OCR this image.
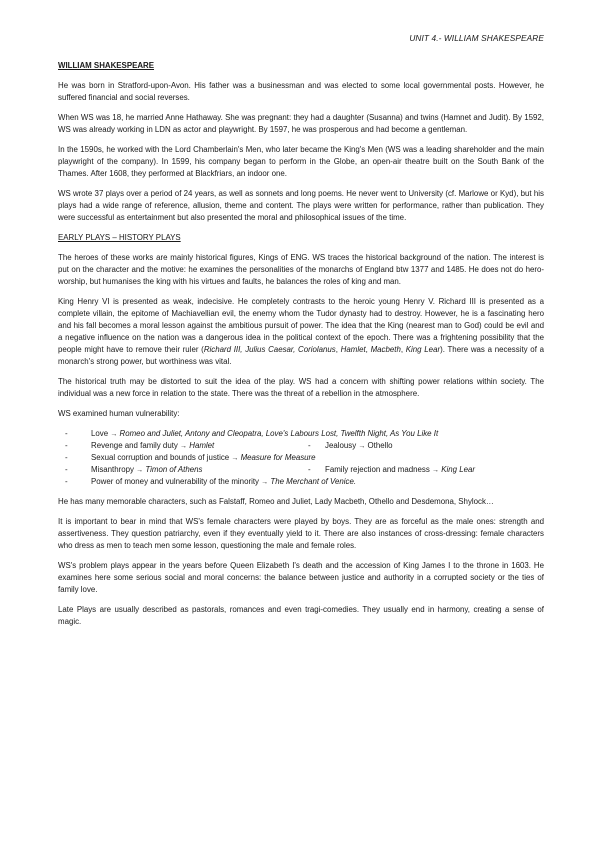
UNIT 4.- WILLIAM SHAKESPEARE
WILLIAM SHAKESPEARE

He was born in Stratford-upon-Avon. His father was a businessman and was elected to some local governmental posts. However, he suffered financial and social reverses.

When WS was 18, he married Anne Hathaway. She was pregnant: they had a daughter (Susanna) and twins (Hamnet and Judit). By 1592, WS was already working in LDN as actor and playwright. By 1597, he was prosperous and had become a gentleman.

In the 1590s, he worked with the Lord Chamberlain's Men, who later became the King's Men (WS was a leading shareholder and the main playwright of the company). In 1599, his company began to perform in the Globe, an open-air theatre built on the South Bank of the Thames. After 1608, they performed at Blackfriars, an indoor one.

WS wrote 37 plays over a period of 24 years, as well as sonnets and long poems. He never went to University (cf. Marlowe or Kyd), but his plays had a wide range of reference, allusion, theme and content. The plays were written for performance, rather than publication. They were successful as entertainment but also presented the moral and philosophical issues of the time.

EARLY PLAYS – HISTORY PLAYS

The heroes of these works are mainly historical figures, Kings of ENG. WS traces the historical background of the nation. The interest is put on the character and the motive: he examines the personalities of the monarchs of England btw 1377 and 1485. He does not do hero-worship, but humanises the king with his virtues and faults, he balances the roles of king and man.

King Henry VI is presented as weak, indecisive. He completely contrasts to the heroic young Henry V. Richard III is presented as a complete villain, the epitome of Machiavellian evil, the enemy whom the Tudor dynasty had to destroy. However, he is a fascinating hero and his fall becomes a moral lesson against the ambitious pursuit of power. The idea that the King (nearest man to God) could be evil and a negative influence on the nation was a dangerous idea in the political context of the epoch. There was a frightening possibility that the people might have to remove their ruler (Richard III, Julius Caesar, Coriolanus, Hamlet, Macbeth, King Lear). There was a necessity of a monarch's strong power, but worthiness was vital.

The historical truth may be distorted to suit the idea of the play. WS had a concern with shifting power relations within society. The individual was a new force in relation to the state. There was the threat of a rebellion in the atmosphere.

WS examined human vulnerability:

-	Love → Romeo and Juliet, Antony and Cleopatra, Love's Labours Lost, Twelfth Night, As You Like It
-	Revenge and family duty → Hamlet	- Jealousy → Othello
-	Sexual corruption and bounds of justice → Measure for Measure
-	Misanthropy → Timon of Athens	- Family rejection and madness → King Lear
-	Power of money and vulnerability of the minority → The Merchant of Venice.

He has many memorable characters, such as Falstaff, Romeo and Juliet, Lady Macbeth, Othello and Desdemona, Shylock…

It is important to bear in mind that WS's female characters were played by boys. They are as forceful as the male ones: strength and assertiveness. They question patriarchy, even if they eventually yield to it. There are also instances of cross-dressing: female characters who dress as men to teach men some lesson, questioning the male and female roles.

WS's problem plays appear in the years before Queen Elizabeth I's death and the accession of King James I to the throne in 1603. He examines here some serious social and moral concerns: the balance between justice and authority in a corrupted society or the ties of family love.

Late Plays are usually described as pastorals, romances and even tragi-comedies. They usually end in harmony, creating a sense of magic.
